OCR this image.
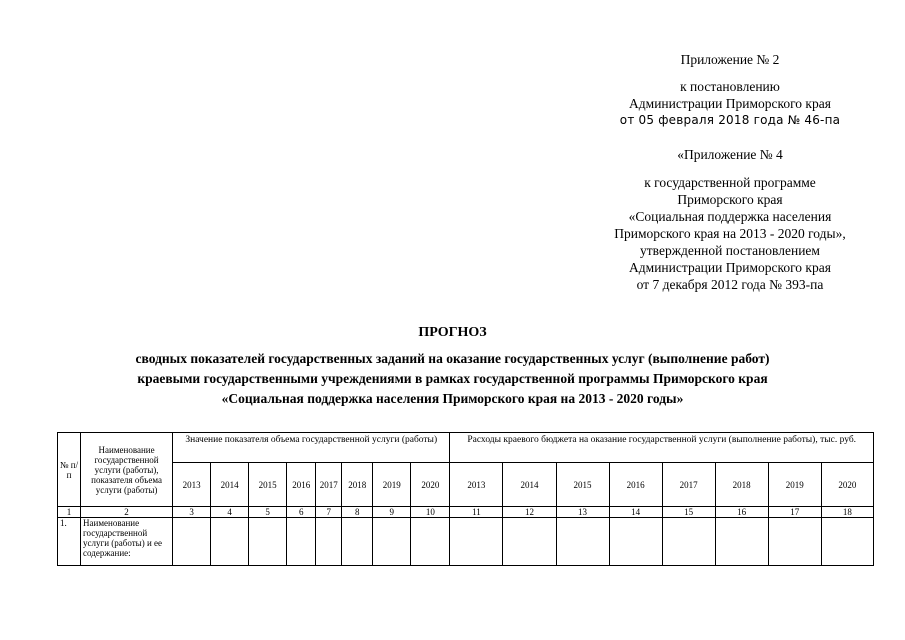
Приложение № 2
к постановлению
Администрации Приморского края
от 05 февраля 2018 года № 46-па
«Приложение № 4
к государственной программе
Приморского края
«Социальная поддержка населения
Приморского края на 2013 - 2020 годы»,
утвержденной постановлением
Администрации Приморского края
от 7 декабря 2012 года № 393-па
ПРОГНОЗ
сводных показателей государственных заданий на оказание государственных услуг (выполнение работ)
краевыми государственными учреждениями в рамках государственной программы Приморского края
«Социальная поддержка населения Приморского края на 2013 - 2020 годы»
№ п/п	Наименование государственной услуги (работы), показателя объема услуги (работы)	Значение показателя объема государственной услуги (работы)								Расходы краевого бюджета на оказание государственной услуги (выполнение работы), тыс. руб.							
		2013	2014	2015	2016	2017	2018	2019	2020	2013	2014	2015	2016	2017	2018	2019	2020
1	2	3	4	5	6	7	8	9	10	11	12	13	14	15	16	17	18
1.	Наименование государственной услуги (работы) и ее содержание:																
